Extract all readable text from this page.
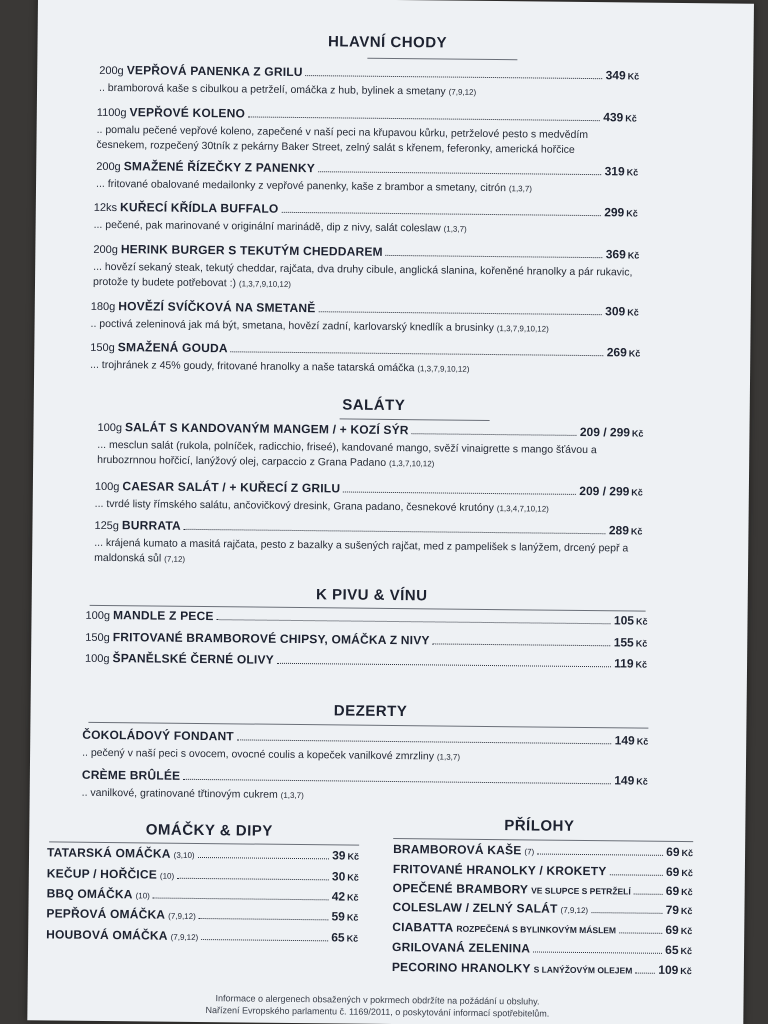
HLAVNÍ CHODY
200g VEPŘOVÁ PANENKA Z GRILU	349 Kč
.. bramborová kaše s cibulkou a petrželí, omáčka z hub, bylinek a smetany (7,9,12)
1100g VEPŘOVÉ KOLENO	439 Kč
.. pomalu pečené vepřové koleno, zapečené v naší peci na křupavou kůrku, petrželové pesto s medvědím česnekem, rozpečený 30tník z pekárny Baker Street, zelný salát s křenem, feferonky, americká hořčice
200g SMAŽENÉ ŘÍZEČKY Z PANENKY	319 Kč
... fritované obalované medailonky z vepřové panenky, kaše z brambor a smetany, citrón (1,3,7)
12ks KUŘECÍ KŘÍDLA BUFFALO	299 Kč
... pečené, pak marinované v originální marinádě, dip z nivy, salát coleslaw (1,3,7)
200g HERINK BURGER S TEKUTÝM CHEDDAREM	369 Kč
... hovězí sekaný steak, tekutý cheddar, rajčata, dva druhy cibule, anglická slanina, kořeněné hranolky a pár rukavic, protože ty budete potřebovat :) (1,3,7,9,10,12)
180g HOVĚZÍ SVÍČKOVÁ NA SMETANĚ	309 Kč
.. poctivá zeleninová jak má být, smetana, hovězí zadní, karlovarský knedlík a brusinky (1,3,7,9,10,12)
150g SMAŽENÁ GOUDA	269 Kč
... trojhránek z 45% goudy, fritované hranolky a naše tatarská omáčka (1,3,7,9,10,12)
SALÁTY
100g SALÁT S KANDOVANÝM MANGEM / + KOZÍ SÝR	209 / 299 Kč
... mesclun salát (rukola, polníček, radicchio, friseé), kandované mango, svěží vinaigrette s mango šťávou a hrubozrnnou hořčicí, lanýžový olej, carpaccio z Grana Padano (1,3,7,10,12)
100g CAESAR SALÁT / + KUŘECÍ Z GRILU	209 / 299 Kč
... tvrdé listy římského salátu, ančovičkový dresink, Grana padano, česnekové krutóny (1,3,4,7,10,12)
125g BURRATA	289 Kč
... krájená kumato a masitá rajčata, pesto z bazalky a sušených rajčat, med z pampelišek s lanýžem, drcený pepř a maldonská sůl (7,12)
K PIVU & VÍNU
100g MANDLE Z PECE	105 Kč
150g FRITOVANÉ BRAMBOROVÉ CHIPSY, OMÁČKA Z NIVY	155 Kč
100g ŠPANĚLSKÉ ČERNÉ OLIVY	119 Kč
DEZERTY
ČOKOLÁDOVÝ FONDANT	149 Kč
.. pečený v naší peci s ovocem, ovocné coulis a kopeček vanilkové zmrzliny (1,3,7)
CRÈME BRÛLÉE	149 Kč
.. vanilkové, gratinované třtinovým cukrem (1,3,7)
OMÁČKY & DIPY
TATARSKÁ OMÁČKA (3,10)	39 Kč
KEČUP / HOŘČICE (10)	30 Kč
BBQ OMÁČKA (10)	42 Kč
PEPŘOVÁ OMÁČKA (7,9,12)	59 Kč
HOUBOVÁ OMÁČKA (7,9,12)	65 Kč
PŘÍLOHY
BRAMBOROVÁ KAŠE (7)	69 Kč
FRITOVANÉ HRANOLKY / KROKETY	69 Kč
OPEČENÉ BRAMBORY VE SLUPCE S PETRŽELÍ	69 Kč
COLESLAW / ZELNÝ SALÁT (7,9,12)	79 Kč
CIABATTA ROZPEČENÁ S BYLINKOVÝM MÁSLEM	69 Kč
GRILOVANÁ ZELENINA	65 Kč
PECORINO HRANOLKY S LANÝŽOVÝM OLEJEM 109 Kč
Informace o alergenech obsažených v pokrmech obdržíte na požádání u obsluhy.
Nařízení Evropského parlamentu č. 1169/2011, o poskytování informací spotřebitelům.
